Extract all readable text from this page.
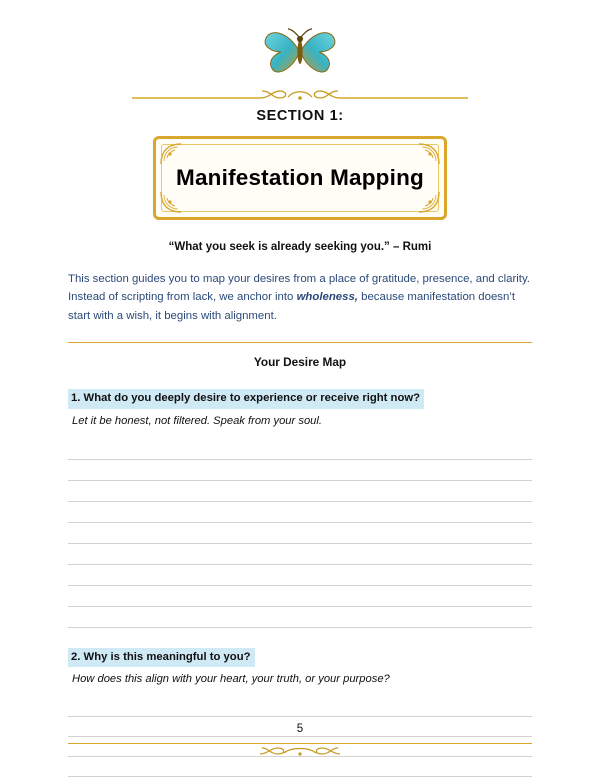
SECTION 1:
Manifestation Mapping
“What you seek is already seeking you.” – Rumi

This section guides you to map your desires from a place of gratitude, presence, and clarity. Instead of scripting from lack, we anchor into wholeness, because manifestation doesn’t start with a wish, it begins with alignment.

Your Desire Map
1. What do you deeply desire to experience or receive right now?
Let it be honest, not filtered. Speak from your soul.
2. Why is this meaningful to you?
How does this align with your heart, your truth, or your purpose?
5
